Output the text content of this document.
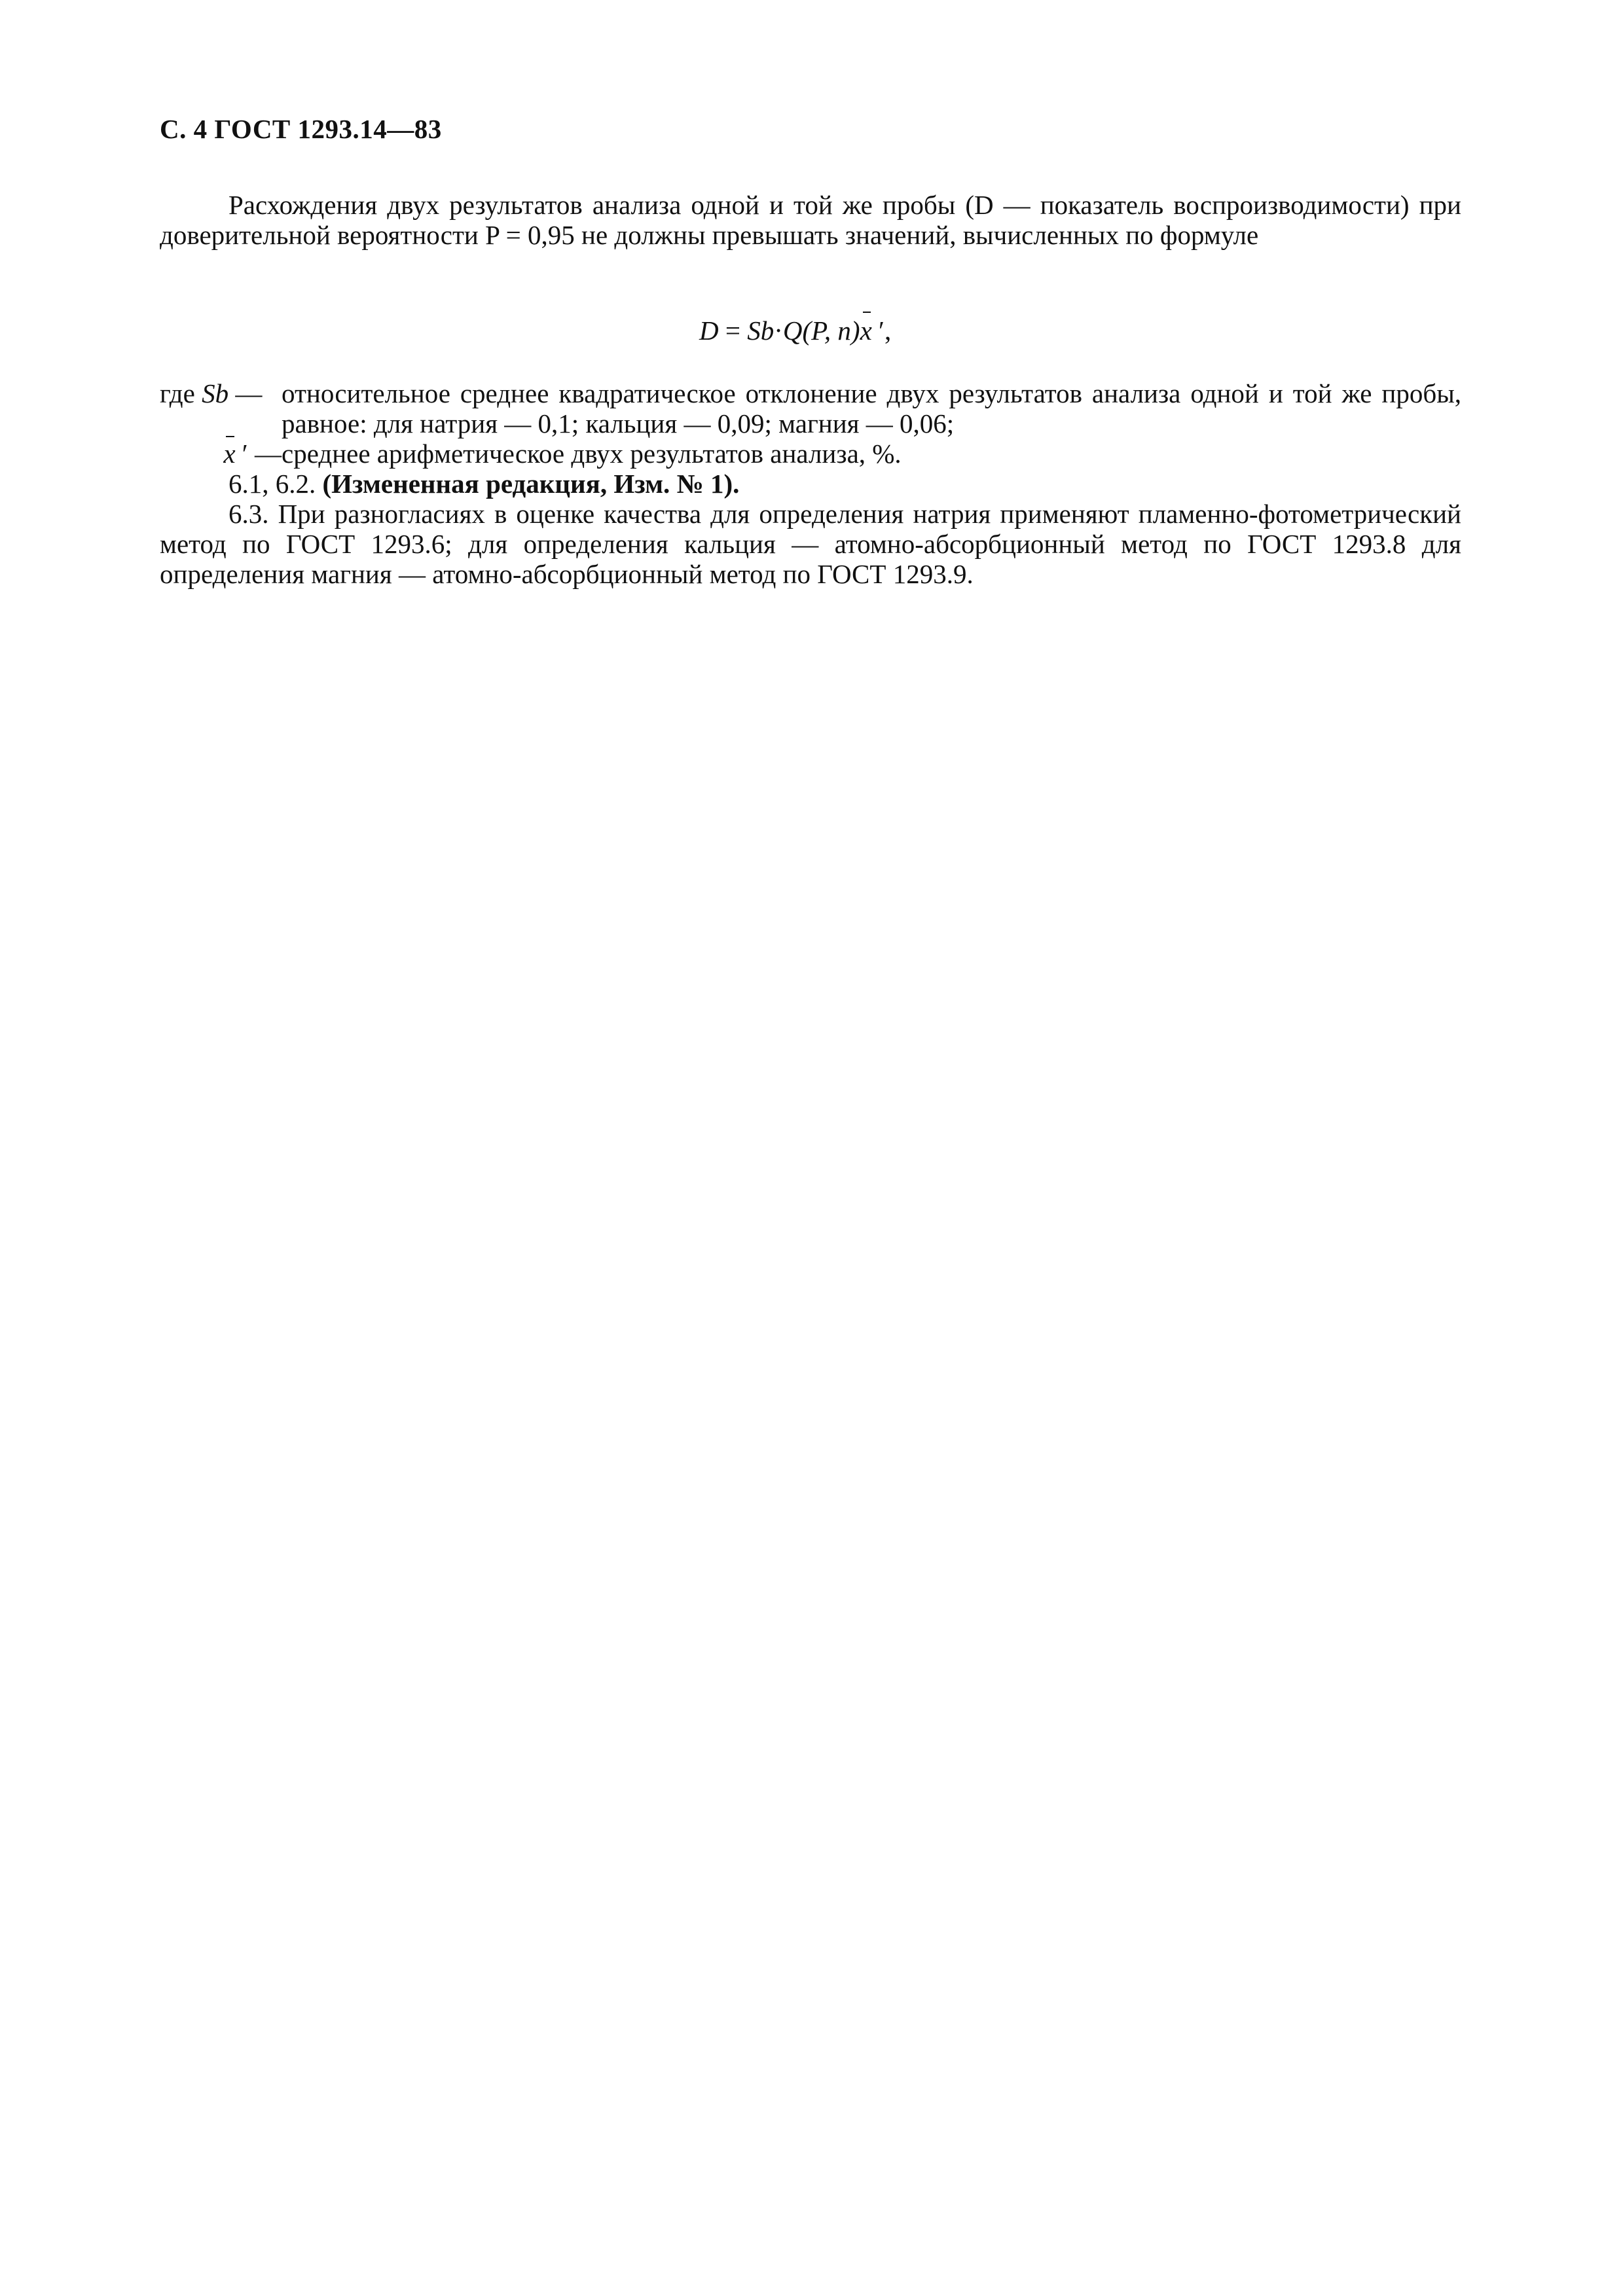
С. 4 ГОСТ 1293.14—83

Расхождения двух результатов анализа одной и той же пробы (D — показатель воспроизводимости) при доверительной вероятности P = 0,95 не должны превышать значений, вычисленных по формуле

D = Sb·Q(P, n)x ′,
где Sb — относительное среднее квадратическое отклонение двух результатов анализа одной и той же пробы, равное: для натрия — 0,1; кальция — 0,09; магния — 0,06;
x ′ — среднее арифметическое двух результатов анализа, %.

6.1, 6.2. (Измененная редакция, Изм. № 1).

6.3. При разногласиях в оценке качества для определения натрия применяют пламенно-фотометрический метод по ГОСТ 1293.6; для определения кальция — атомно-абсорбционный метод по ГОСТ 1293.8 для определения магния — атомно-абсорбционный метод по ГОСТ 1293.9.
